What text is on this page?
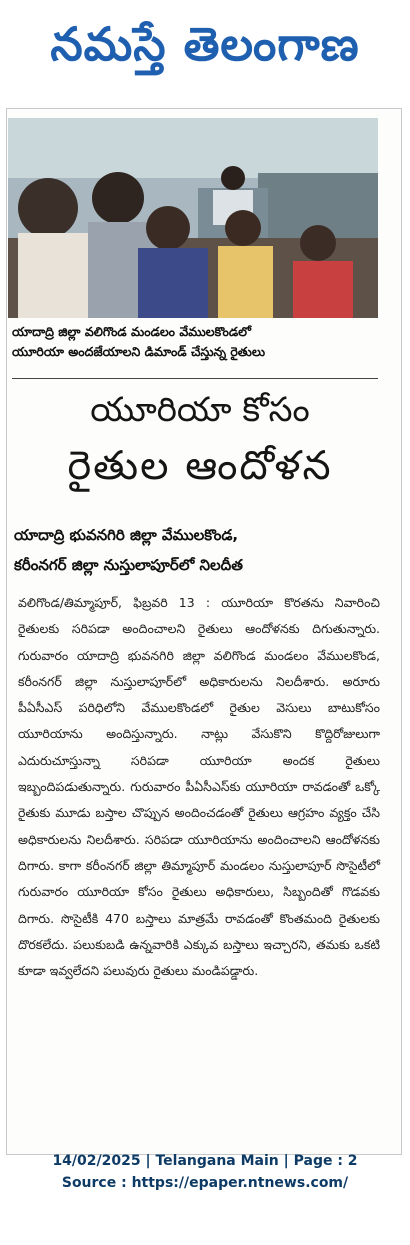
నమస్తే తెలంగాణ
యాదాద్రి జిల్లా వలిగొండ మండలం వేములకొండలో
యూరియా అందజేయాలని డిమాండ్ చేస్తున్న రైతులు
యూరియా కోసం
రైతుల ఆందోళన
యాదాద్రి భువనగిరి జిల్లా వేములకొండ,
కరీంనగర్ జిల్లా నుస్తులాపూర్‌లో నిలదీత
వలిగొండ/తిమ్మాపూర్, ఫిబ్రవరి 13 : యూరియా కొరతను నివారించి రైతులకు సరిపడా అందించాలని రైతులు ఆందోళనకు దిగుతున్నారు. గురువారం యాదాద్రి భువనగిరి జిల్లా వలిగొండ మండలం వేములకొండ, కరీంనగర్ జిల్లా నుస్తులాపూర్‌లో అధికారులను నిలదీశారు. అరూరు పీఏసీఎస్ పరిధిలోని వేములకొండలో రైతుల వెసులు బాటుకోసం యూరియాను అందిస్తున్నారు. నాట్లు వేసుకొని కొద్దిరోజులుగా ఎదురుచూస్తున్నా సరిపడా యూరియా అందక రైతులు ఇబ్బందిపడుతున్నారు. గురువారం పీఏసీఎస్‌కు యూరియా రావడంతో ఒక్కో రైతుకు మూడు బస్తాల చొప్పున అందించడంతో రైతులు ఆగ్రహం వ్యక్తం చేసి అధికారులను నిలదీశారు. సరిపడా యూరియాను అందించాలని ఆందోళనకు దిగారు. కాగా కరీంనగర్ జిల్లా తిమ్మాపూర్ మండలం నుస్తులాపూర్ సొసైటీలో గురువారం యూరియా కోసం రైతులు అధికారులు, సిబ్బందితో గొడవకు దిగారు. సొసైటీకి 470 బస్తాలు మాత్రమే రావడంతో కొంతమంది రైతులకు దొరకలేదు. పలుకుబడి ఉన్నవారికి ఎక్కువ బస్తాలు ఇచ్చారని, తమకు ఒకటి కూడా ఇవ్వలేదని పలువురు రైతులు మండిపడ్డారు.
14/02/2025 | Telangana Main | Page : 2
Source : https://epaper.ntnews.com/
